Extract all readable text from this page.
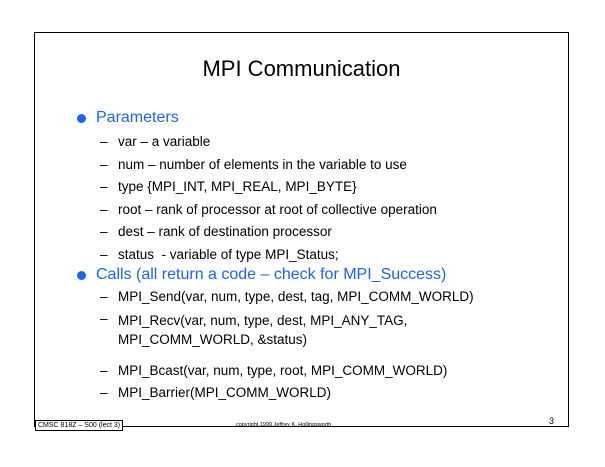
MPI Communication
Parameters
– var – a variable
– num – number of elements in the variable to use
– type {MPI_INT, MPI_REAL, MPI_BYTE}
– root – rank of processor at root of collective operation
– dest – rank of destination processor
– status  - variable of type MPI_Status;
Calls (all return a code – check for MPI_Success)
– MPI_Send(var, num, type, dest, tag, MPI_COMM_WORLD)
– MPI_Recv(var, num, type, dest, MPI_ANY_TAG,
MPI_COMM_WORLD, &status)
– MPI_Bcast(var, num, type, root, MPI_COMM_WORLD)
– MPI_Barrier(MPI_COMM_WORLD)
CMSC 818Z – S00 (lect 3)	copyright 1999 Jeffrey K. Hollingsworth	3
